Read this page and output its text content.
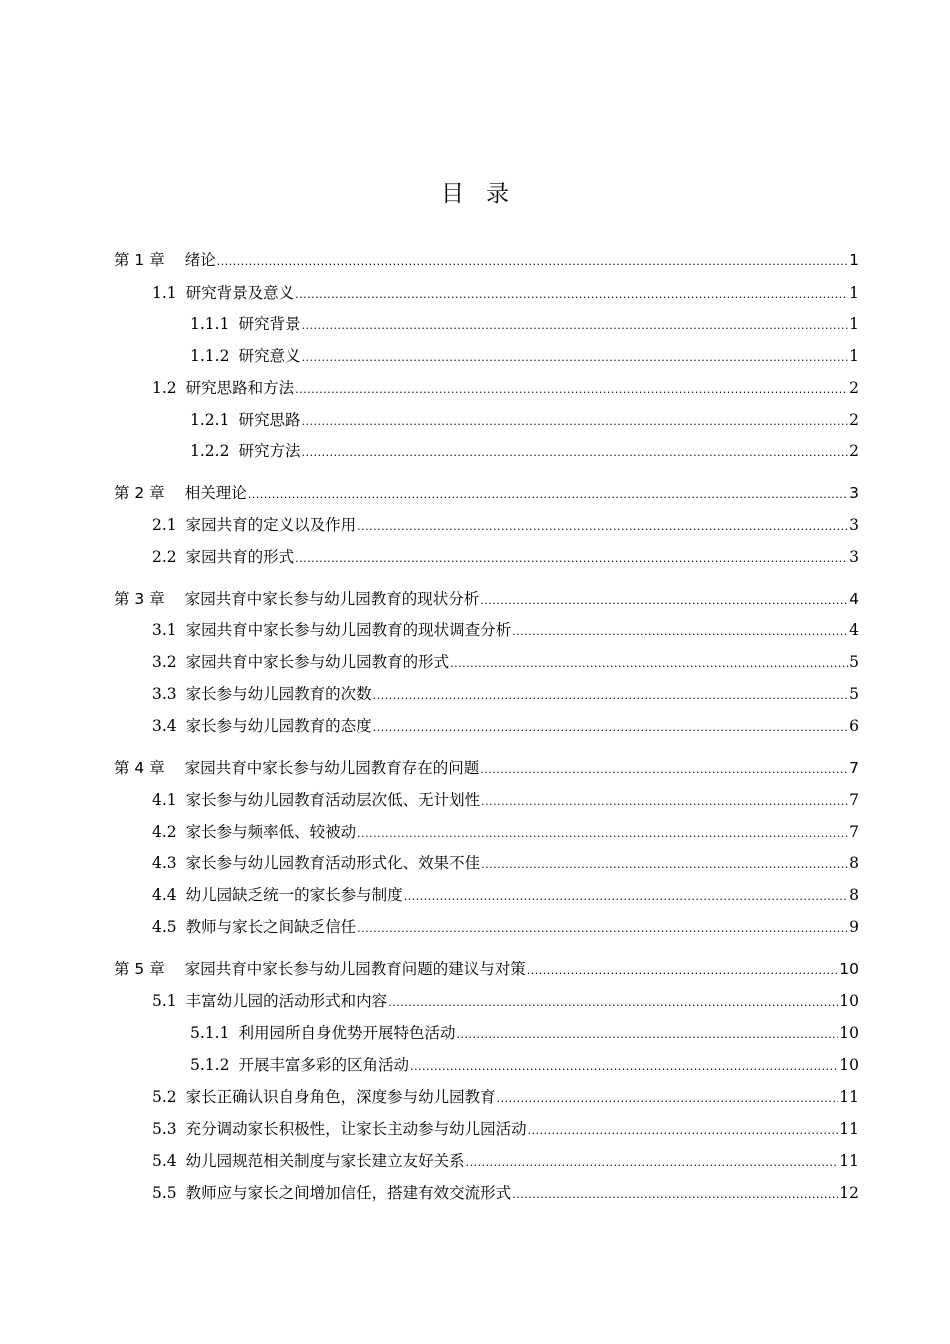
目录
第 1 章 绪论 .....	1
1.1 研究背景及意义 .....	1
1.1.1 研究背景 .....	1
1.1.2 研究意义 .....	1
1.2 研究思路和方法 .....	2
1.2.1 研究思路 .....	2
1.2.2 研究方法 .....	2
第 2 章 相关理论 .....	3
2.1 家园共育的定义以及作用 .....	3
2.2 家园共育的形式 .....	3
第 3 章 家园共育中家长参与幼儿园教育的现状分析 .....	4
3.1 家园共育中家长参与幼儿园教育的现状调查分析 .....	4
3.2 家园共育中家长参与幼儿园教育的形式 .....	5
3.3 家长参与幼儿园教育的次数 .....	5
3.4 家长参与幼儿园教育的态度 .....	6
第 4 章 家园共育中家长参与幼儿园教育存在的问题 .....	7
4.1 家长参与幼儿园教育活动层次低、无计划性 .....	7
4.2 家长参与频率低、较被动 .....	7
4.3 家长参与幼儿园教育活动形式化、效果不佳 .....	8
4.4 幼儿园缺乏统一的家长参与制度 .....	8
4.5 教师与家长之间缺乏信任 .....	9
第 5 章 家园共育中家长参与幼儿园教育问题的建议与对策 .....	10
5.1 丰富幼儿园的活动形式和内容 .....	10
5.1.1 利用园所自身优势开展特色活动 .....	10
5.1.2 开展丰富多彩的区角活动 .....	10
5.2 家长正确认识自身角色，深度参与幼儿园教育 .....	11
5.3 充分调动家长积极性，让家长主动参与幼儿园活动 .....	11
5.4 幼儿园规范相关制度与家长建立友好关系 .....	11
5.5 教师应与家长之间增加信任，搭建有效交流形式 .....	12
